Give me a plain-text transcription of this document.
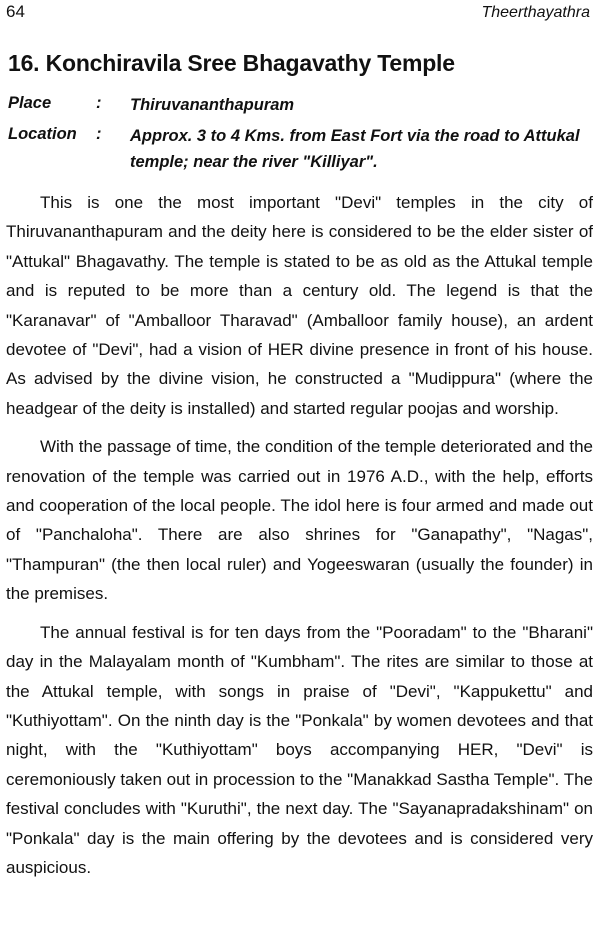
64	Theerthayathra
16. Konchiravila Sree Bhagavathy Temple
Place	:	Thiruvananthapuram
Location	:	Approx. 3 to 4 Kms. from East Fort via the road to Attukal temple; near the river "Killiyar".

This is one the most important "Devi" temples in the city of Thiruvananthapuram and the deity here is considered to be the elder sister of "Attukal" Bhagavathy. The temple is stated to be as old as the Attukal temple and is reputed to be more than a century old. The legend is that the "Karanavar" of "Amballoor Tharavad" (Amballoor family house), an ardent devotee of "Devi", had a vision of HER divine presence in front of his house. As advised by the divine vision, he constructed a "Mudippura" (where the headgear of the deity is installed) and started regular poojas and worship.

With the passage of time, the condition of the temple deteriorated and the renovation of the temple was carried out in 1976 A.D., with the help, efforts and cooperation of the local people. The idol here is four armed and made out of "Panchaloha". There are also shrines for "Ganapathy", "Nagas", "Thampuran" (the then local ruler) and Yogeeswaran (usually the founder) in the premises.

The annual festival is for ten days from the "Pooradam" to the "Bharani" day in the Malayalam month of "Kumbham". The rites are similar to those at the Attukal temple, with songs in praise of "Devi", "Kappukettu" and "Kuthiyottam". On the ninth day is the "Ponkala" by women devotees and that night, with the "Kuthiyottam" boys accompanying HER, "Devi" is ceremoniously taken out in procession to the "Manakkad Sastha Temple". The festival concludes with "Kuruthi", the next day. The "Sayanapradakshinam" on "Ponkala" day is the main offering by the devotees and is considered very auspicious.
